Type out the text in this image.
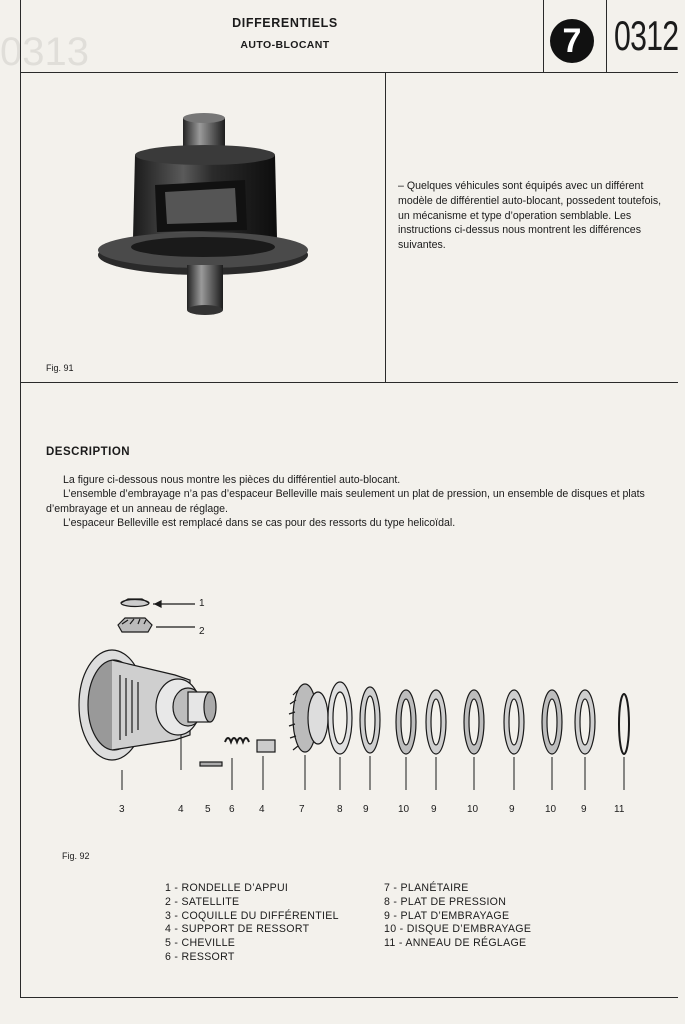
0313
DIFFERENTIELS
AUTO-BLOCANT	7 0312
Fig. 91

– Quelques véhicules sont équipés avec un différent modèle de différentiel auto-blocant, possedent toutefois, un mécanisme et type d’operation semblable. Les instructions ci-dessus nous montrent les différences suivantes.

DESCRIPTION

La figure ci-dessous nous montre les pièces du différentiel auto-blocant.

L’ensemble d’embrayage n’a pas d’espaceur Belleville mais seulement un plat de pression, un ensemble de disques et plats d’embrayage et un anneau de réglage.

L’espaceur Belleville est remplacé dans se cas pour des ressorts du type helicoïdal.

1
2
3	4 5 6 4	7	8 9	10 9	10	9	10 9	11
Fig. 92
1 - RONDELLE D’APPUI
2 - SATELLITE
3 - COQUILLE DU DIFFÉRENTIEL
4 - SUPPORT DE RESSORT
5 - CHEVILLE
6 - RESSORT
7 - PLANÉTAIRE
8 - PLAT DE PRESSION
9 - PLAT D’EMBRAYAGE
10 - DISQUE D’EMBRAYAGE
11 - ANNEAU DE RÉGLAGE
